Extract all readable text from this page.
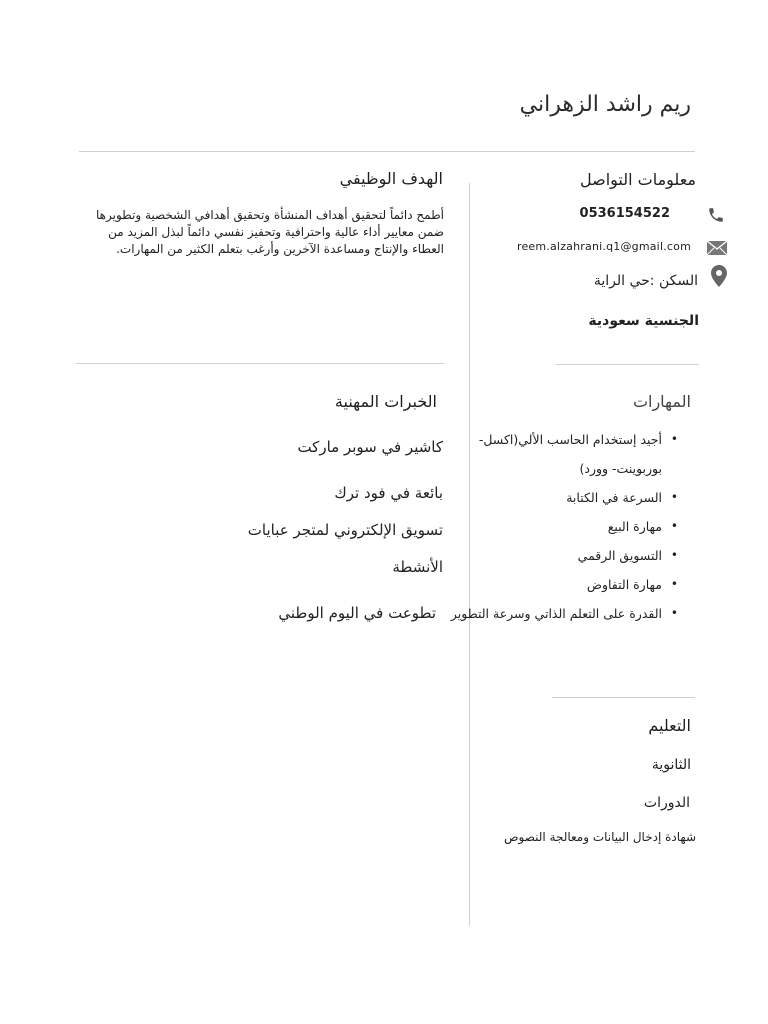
ريم راشد الزهراني
معلومات التواصل
0536154522
reem.alzahrani.q1@gmail.com
السكن :حي الراية
الجنسية سعودية
الهدف الوظيفي
أطمح دائماً لتحقيق أهداف المنشأة وتحقيق أهدافي الشخصية وتطويرها ضمن معايير أداء عالية واحترافية وتحفيز نفسي دائماً لبذل المزيد من العطاء والإنتاج ومساعدة الآخرين وأرغب بتعلم الكثير من المهارات.
المهارات
• أجيد إستخدام الحاسب الألي(اكسل- بوربوينت- وورد)
• السرعة في الكتابة
• مهارة البيع
• التسويق الرقمي
• مهارة التفاوض
• القدرة على التعلم الذاتي وسرعة التطوير
الخبرات المهنية
كاشير في سوبر ماركت
بائعة في فود ترك
تسويق الإلكتروني لمتجر عبايات
الأنشطة
تطوعت في اليوم الوطني
التعليم
الثانوية
الدورات
شهادة إدخال البيانات ومعالجة النصوص
